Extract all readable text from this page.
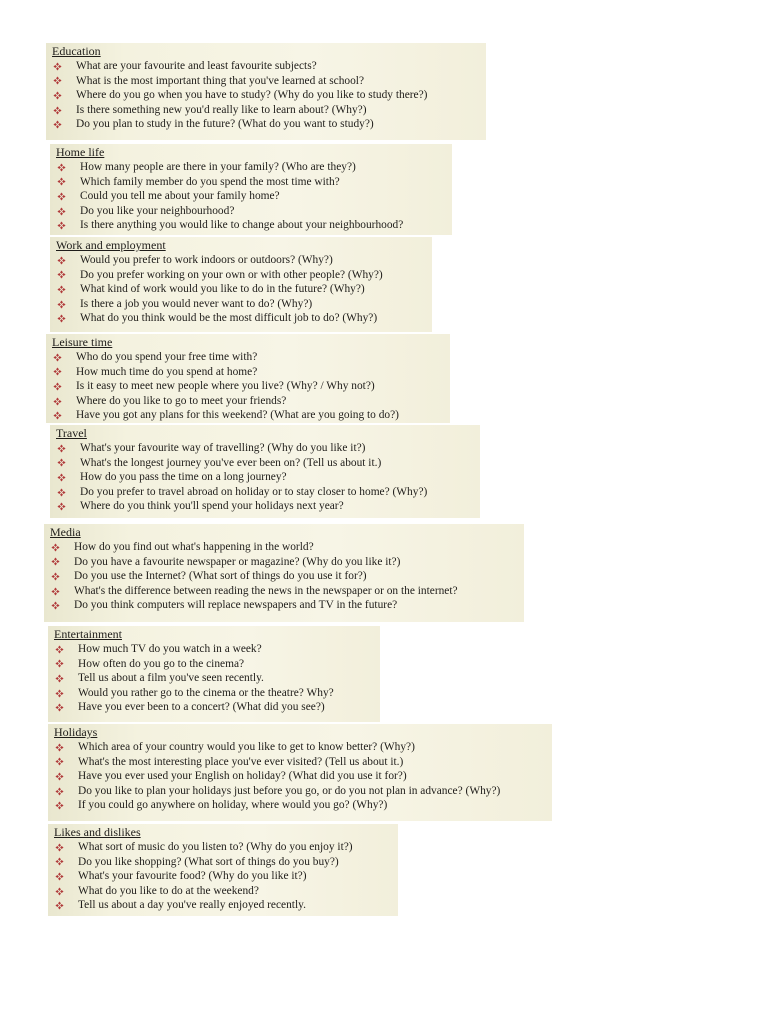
Education
What are your favourite and least favourite subjects?
What is the most important thing that you've learned at school?
Where do you go when you have to study? (Why do you like to study there?)
Is there something new you'd really like to learn about? (Why?)
Do you plan to study in the future? (What do you want to study?)
Home life
How many people are there in your family? (Who are they?)
Which family member do you spend the most time with?
Could you tell me about your family home?
Do you like your neighbourhood?
Is there anything you would like to change about your neighbourhood?
Work and employment
Would you prefer to work indoors or outdoors? (Why?)
Do you prefer working on your own or with other people? (Why?)
What kind of work would you like to do in the future? (Why?)
Is there a job you would never want to do? (Why?)
What do you think would be the most difficult job to do? (Why?)
Leisure time
Who do you spend your free time with?
How much time do you spend at home?
Is it easy to meet new people where you live? (Why? / Why not?)
Where do you like to go to meet your friends?
Have you got any plans for this weekend? (What are you going to do?)
Travel
What's your favourite way of travelling? (Why do you like it?)
What's the longest journey you've ever been on? (Tell us about it.)
How do you pass the time on a long journey?
Do you prefer to travel abroad on holiday or to stay closer to home? (Why?)
Where do you think you'll spend your holidays next year?
Media
How do you find out what's happening in the world?
Do you have a favourite newspaper or magazine? (Why do you like it?)
Do you use the Internet? (What sort of things do you use it for?)
What's the difference between reading the news in the newspaper or on the internet?
Do you think computers will replace newspapers and TV in the future?
Entertainment
How much TV do you watch in a week?
How often do you go to the cinema?
Tell us about a film you've seen recently.
Would you rather go to the cinema or the theatre? Why?
Have you ever been to a concert? (What did you see?)
Holidays
Which area of your country would you like to get to know better? (Why?)
What's the most interesting place you've ever visited? (Tell us about it.)
Have you ever used your English on holiday? (What did you use it for?)
Do you like to plan your holidays just before you go, or do you not plan in advance? (Why?)
If you could go anywhere on holiday, where would you go? (Why?)
Likes and dislikes
What sort of music do you listen to? (Why do you enjoy it?)
Do you like shopping? (What sort of things do you buy?)
What's your favourite food? (Why do you like it?)
What do you like to do at the weekend?
Tell us about a day you've really enjoyed recently.
